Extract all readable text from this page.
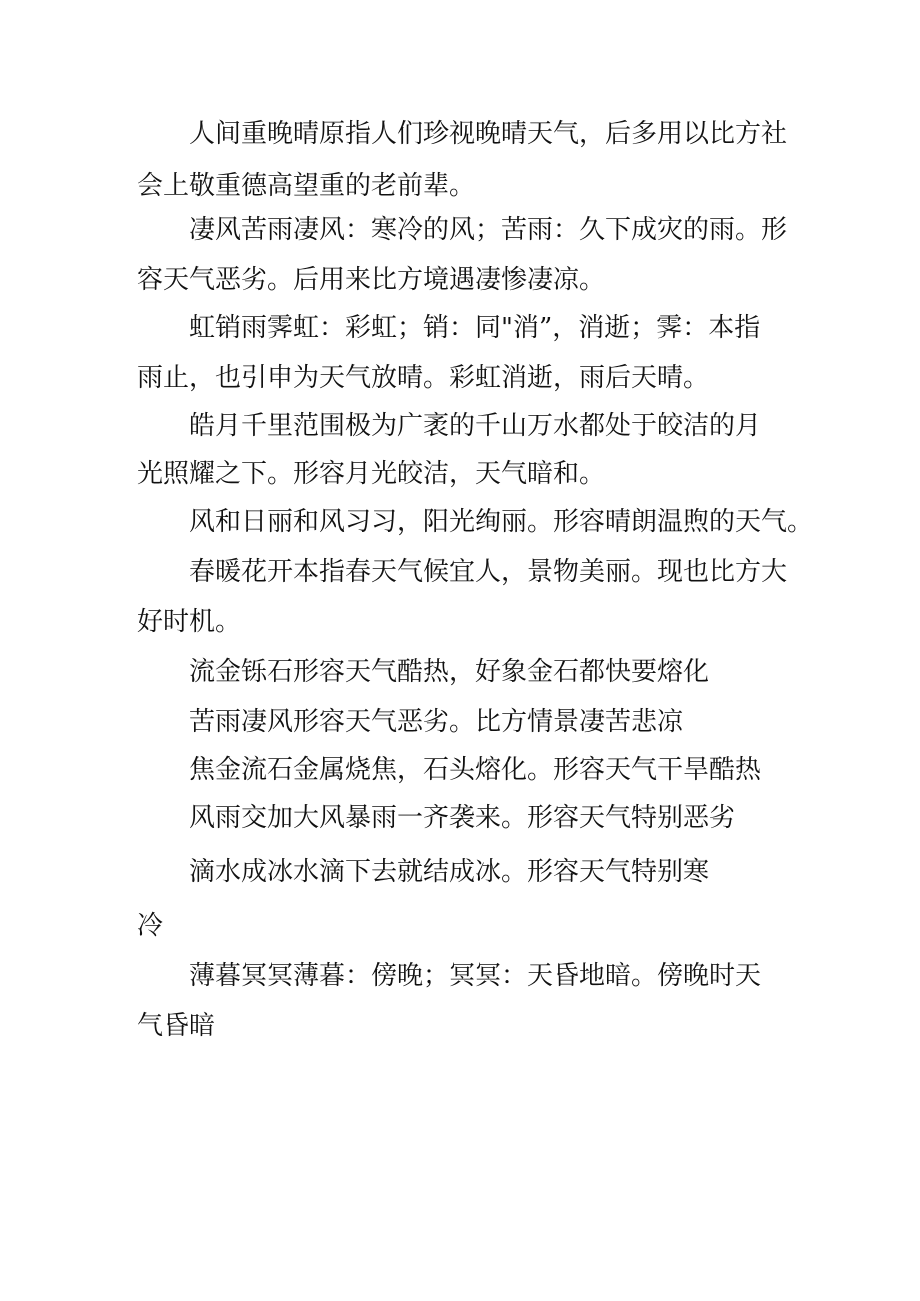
人间重晚晴原指人们珍视晚晴天气，后多用以比方社
会上敬重德高望重的老前辈。
凄风苦雨凄风：寒冷的风；苦雨：久下成灾的雨。形
容天气恶劣。后用来比方境遇凄惨凄凉。
虹销雨霁虹：彩虹；销：同"消”，消逝；霁：本指
雨止，也引申为天气放晴。彩虹消逝，雨后天晴。
皓月千里范围极为广袤的千山万水都处于皎洁的月
光照耀之下。形容月光皎洁，天气暗和。
风和日丽和风习习，阳光绚丽。形容晴朗温煦的天气。
春暖花开本指春天气候宜人，景物美丽。现也比方大
好时机。
流金铄石形容天气酷热，好象金石都快要熔化
苦雨凄风形容天气恶劣。比方情景凄苦悲凉
焦金流石金属烧焦，石头熔化。形容天气干旱酷热
风雨交加大风暴雨一齐袭来。形容天气特别恶劣
滴水成冰水滴下去就结成冰。形容天气特别寒
冷
薄暮冥冥薄暮：傍晚；冥冥：天昏地暗。傍晚时天
气昏暗
